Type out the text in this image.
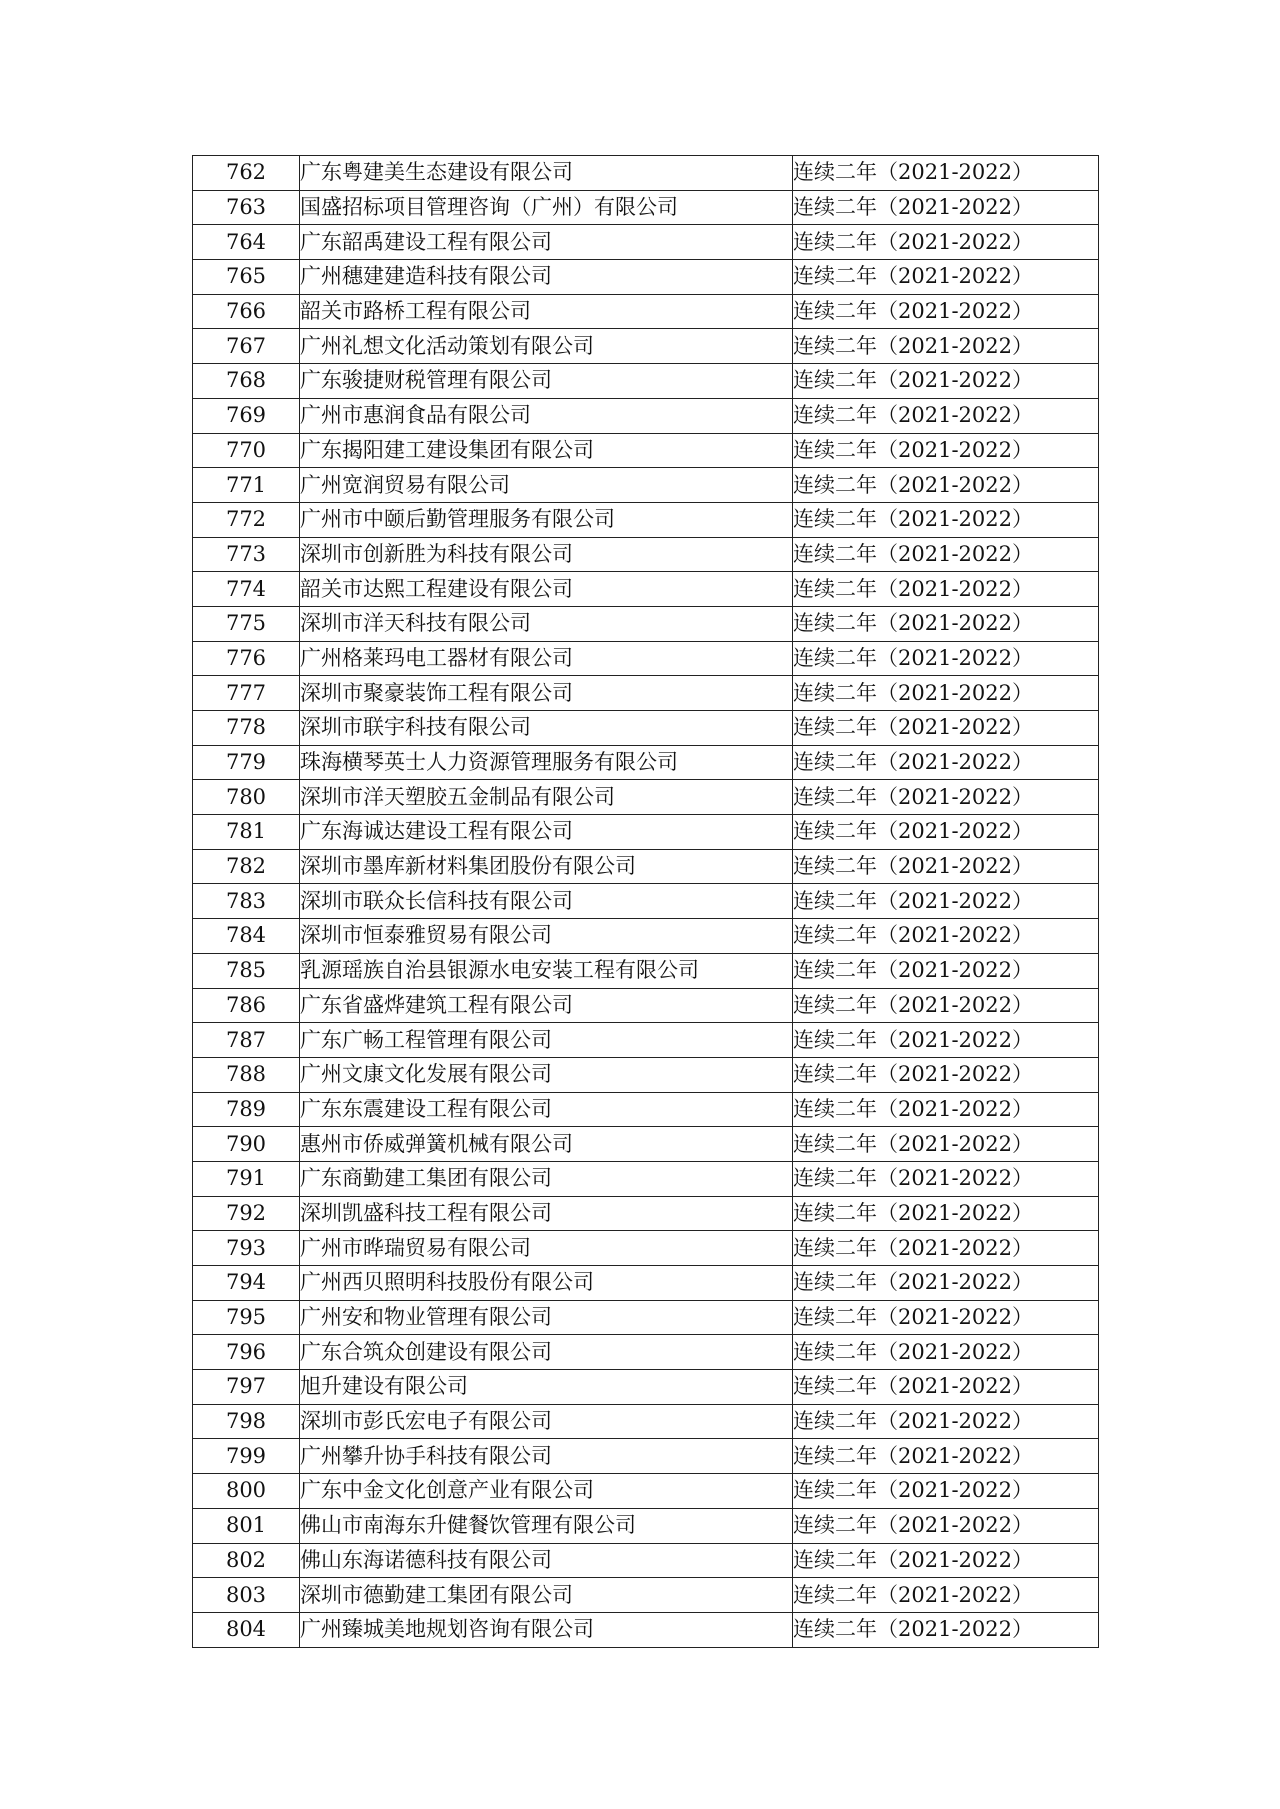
762	广东粤建美生态建设有限公司	连续二年（2021-2022）
763	国盛招标项目管理咨询（广州）有限公司	连续二年（2021-2022）
764	广东韶禹建设工程有限公司	连续二年（2021-2022）
765	广州穗建建造科技有限公司	连续二年（2021-2022）
766	韶关市路桥工程有限公司	连续二年（2021-2022）
767	广州礼想文化活动策划有限公司	连续二年（2021-2022）
768	广东骏捷财税管理有限公司	连续二年（2021-2022）
769	广州市惠润食品有限公司	连续二年（2021-2022）
770	广东揭阳建工建设集团有限公司	连续二年（2021-2022）
771	广州宽润贸易有限公司	连续二年（2021-2022）
772	广州市中颐后勤管理服务有限公司	连续二年（2021-2022）
773	深圳市创新胜为科技有限公司	连续二年（2021-2022）
774	韶关市达熙工程建设有限公司	连续二年（2021-2022）
775	深圳市洋天科技有限公司	连续二年（2021-2022）
776	广州格莱玛电工器材有限公司	连续二年（2021-2022）
777	深圳市聚豪装饰工程有限公司	连续二年（2021-2022）
778	深圳市联宇科技有限公司	连续二年（2021-2022）
779	珠海横琴英士人力资源管理服务有限公司	连续二年（2021-2022）
780	深圳市洋天塑胶五金制品有限公司	连续二年（2021-2022）
781	广东海诚达建设工程有限公司	连续二年（2021-2022）
782	深圳市墨库新材料集团股份有限公司	连续二年（2021-2022）
783	深圳市联众长信科技有限公司	连续二年（2021-2022）
784	深圳市恒泰雅贸易有限公司	连续二年（2021-2022）
785	乳源瑶族自治县银源水电安装工程有限公司	连续二年（2021-2022）
786	广东省盛烨建筑工程有限公司	连续二年（2021-2022）
787	广东广畅工程管理有限公司	连续二年（2021-2022）
788	广州文康文化发展有限公司	连续二年（2021-2022）
789	广东东震建设工程有限公司	连续二年（2021-2022）
790	惠州市侨威弹簧机械有限公司	连续二年（2021-2022）
791	广东商勤建工集团有限公司	连续二年（2021-2022）
792	深圳凯盛科技工程有限公司	连续二年（2021-2022）
793	广州市晔瑞贸易有限公司	连续二年（2021-2022）
794	广州西贝照明科技股份有限公司	连续二年（2021-2022）
795	广州安和物业管理有限公司	连续二年（2021-2022）
796	广东合筑众创建设有限公司	连续二年（2021-2022）
797	旭升建设有限公司	连续二年（2021-2022）
798	深圳市彭氏宏电子有限公司	连续二年（2021-2022）
799	广州攀升协手科技有限公司	连续二年（2021-2022）
800	广东中金文化创意产业有限公司	连续二年（2021-2022）
801	佛山市南海东升健餐饮管理有限公司	连续二年（2021-2022）
802	佛山东海诺德科技有限公司	连续二年（2021-2022）
803	深圳市德勤建工集团有限公司	连续二年（2021-2022）
804	广州臻城美地规划咨询有限公司	连续二年（2021-2022）
